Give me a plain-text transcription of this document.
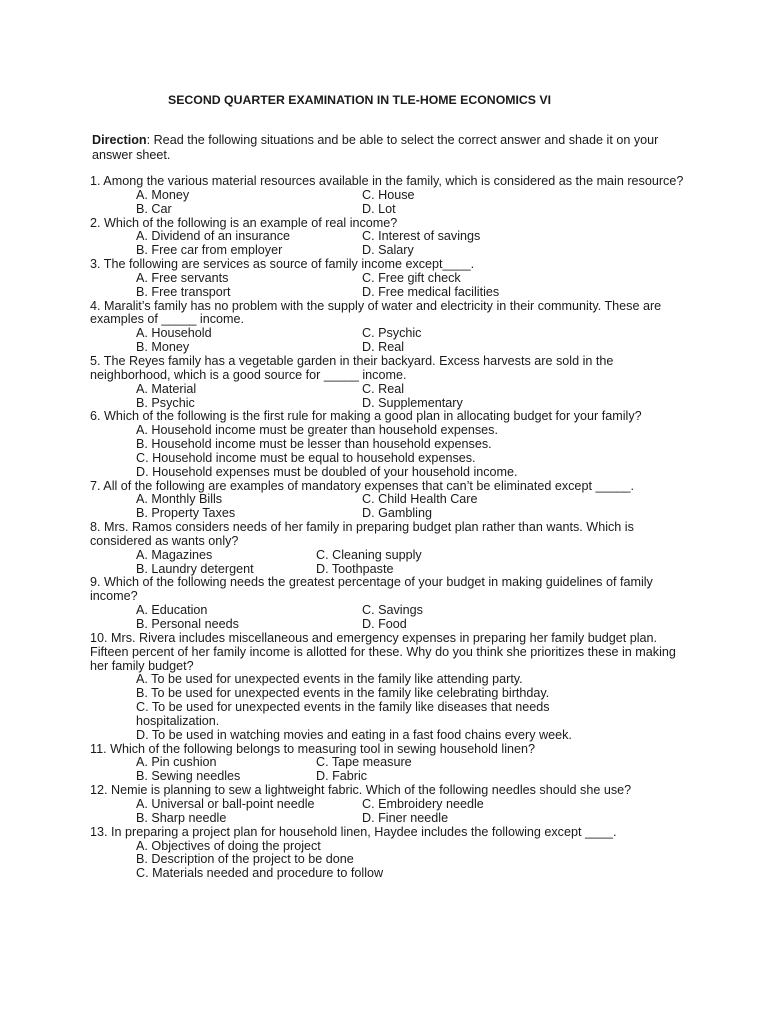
SECOND QUARTER EXAMINATION IN TLE-HOME ECONOMICS VI
Direction: Read the following situations and be able to select the correct answer and shade it on your answer sheet.
1. Among the various material resources available in the family, which is considered as the main resource?
A. Money	C. House
B. Car	D. Lot
2. Which of the following is an example of real income?
A. Dividend of an insurance	C. Interest of savings
B. Free car from employer	D. Salary
3. The following are services as source of family income except____.
A. Free servants	C. Free gift check
B. Free transport	D. Free medical facilities
4. Maralit’s family has no problem with the supply of water and electricity in their community. These are examples of _____ income.
A. Household	C. Psychic
B. Money	D. Real
5. The Reyes family has a vegetable garden in their backyard. Excess harvests are sold in the neighborhood, which is a good source for _____ income.
A. Material	C. Real
B. Psychic	D. Supplementary
6. Which of the following is the first rule for making a good plan in allocating budget for your family?
A. Household income must be greater than household expenses.
B. Household income must be lesser than household expenses.
C. Household income must be equal to household expenses.
D. Household expenses must be doubled of your household income.
7. All of the following are examples of mandatory expenses that can’t be eliminated except _____.
A. Monthly Bills	C. Child Health Care
B. Property Taxes	D. Gambling
8. Mrs. Ramos considers needs of her family in preparing budget plan rather than wants. Which is considered as wants only?
A. Magazines	C. Cleaning supply
B. Laundry detergent	D. Toothpaste
9. Which of the following needs the greatest percentage of your budget in making guidelines of family income?
A. Education	C. Savings
B. Personal needs	D. Food
10. Mrs. Rivera includes miscellaneous and emergency expenses in preparing her family budget plan. Fifteen percent of her family income is allotted for these. Why do you think she prioritizes these in making her family budget?
A. To be used for unexpected events in the family like attending party.
B. To be used for unexpected events in the family like celebrating birthday.
C. To be used for unexpected events in the family like diseases that needs hospitalization.
D. To be used in watching movies and eating in a fast food chains every week.
11. Which of the following belongs to measuring tool in sewing household linen?
A. Pin cushion	C. Tape measure
B. Sewing needles	D. Fabric
12. Nemie is planning to sew a lightweight fabric. Which of the following needles should she use?
A. Universal or ball-point needle	C. Embroidery needle
B. Sharp needle	D. Finer needle
13. In preparing a project plan for household linen, Haydee includes the following except ____.
A. Objectives of doing the project
B. Description of the project to be done
C. Materials needed and procedure to follow
